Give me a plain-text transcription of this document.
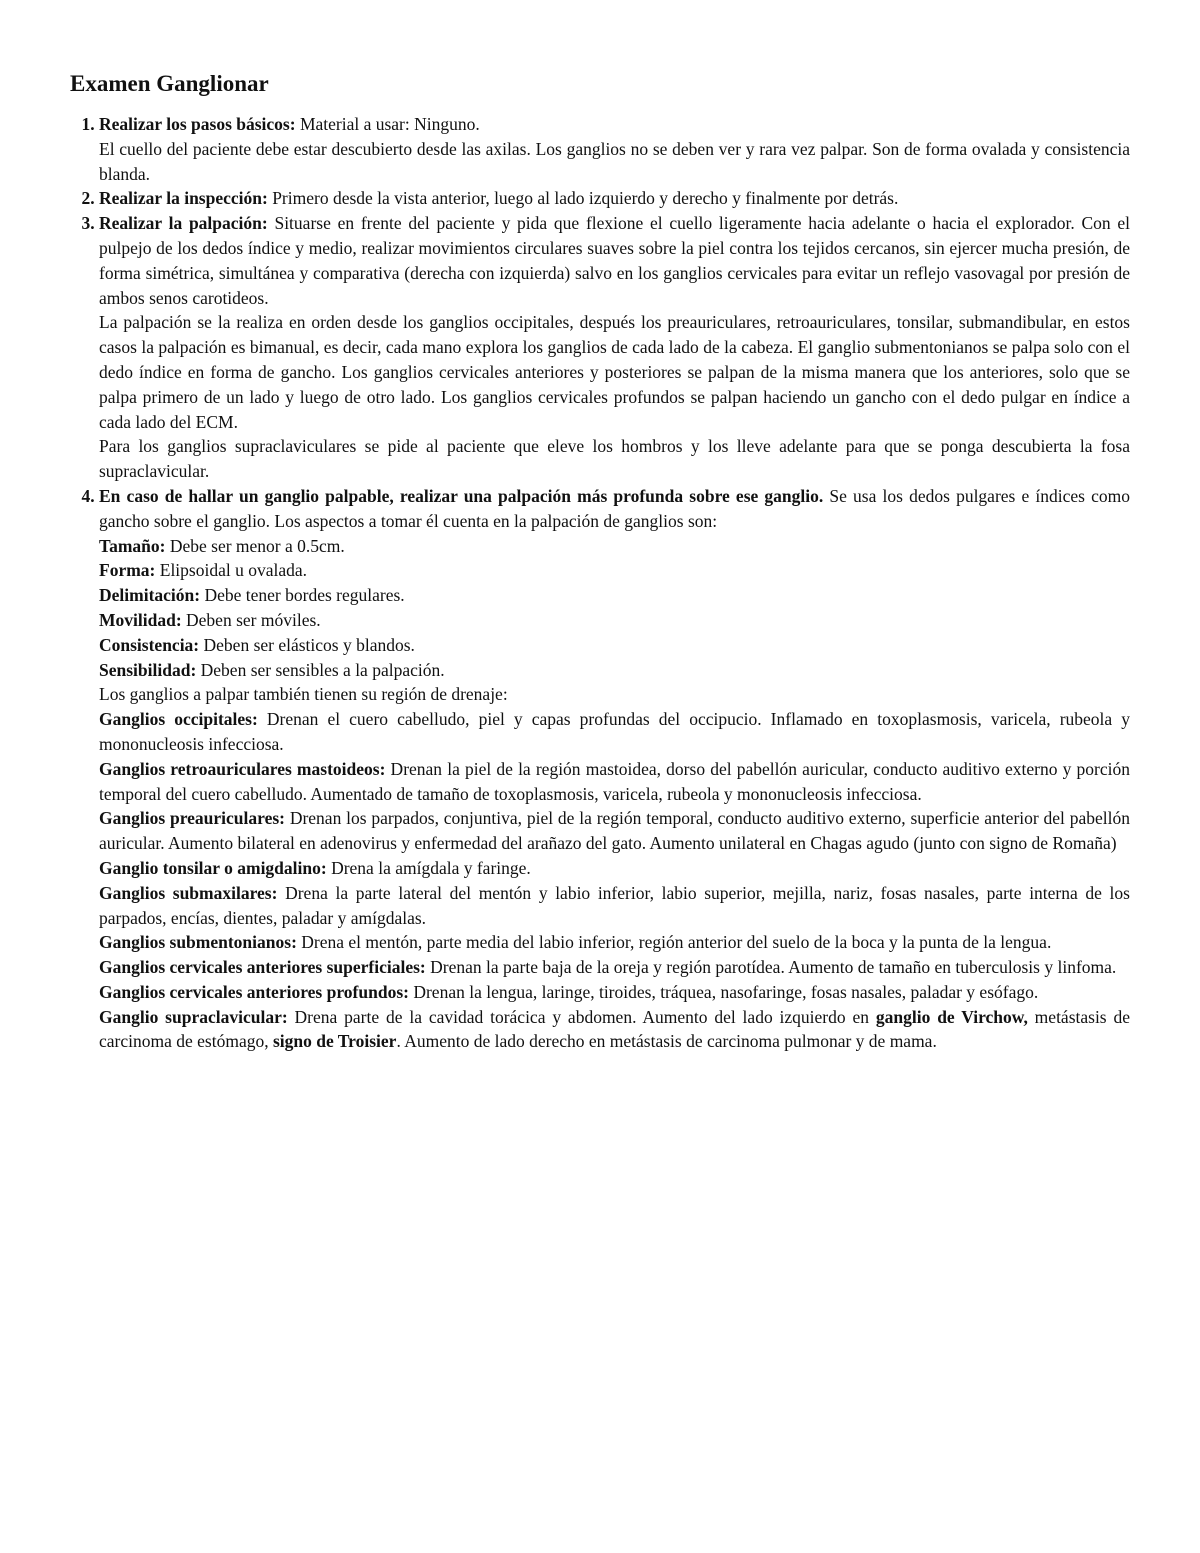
Examen Ganglionar

1. Realizar los pasos básicos: Material a usar: Ninguno.

El cuello del paciente debe estar descubierto desde las axilas. Los ganglios no se deben ver y rara vez palpar. Son de forma ovalada y consistencia blanda.

2. Realizar la inspección: Primero desde la vista anterior, luego al lado izquierdo y derecho y finalmente por detrás.

3. Realizar la palpación: Situarse en frente del paciente y pida que flexione el cuello ligeramente hacia adelante o hacia el explorador. Con el pulpejo de los dedos índice y medio, realizar movimientos circulares suaves sobre la piel contra los tejidos cercanos, sin ejercer mucha presión, de forma simétrica, simultánea y comparativa (derecha con izquierda) salvo en los ganglios cervicales para evitar un reflejo vasovagal por presión de ambos senos carotideos.

La palpación se la realiza en orden desde los ganglios occipitales, después los preauriculares, retroauriculares, tonsilar, submandibular, en estos casos la palpación es bimanual, es decir, cada mano explora los ganglios de cada lado de la cabeza. El ganglio submentonianos se palpa solo con el dedo índice en forma de gancho. Los ganglios cervicales anteriores y posteriores se palpan de la misma manera que los anteriores, solo que se palpa primero de un lado y luego de otro lado. Los ganglios cervicales profundos se palpan haciendo un gancho con el dedo pulgar en índice a cada lado del ECM.

Para los ganglios supraclaviculares se pide al paciente que eleve los hombros y los lleve adelante para que se ponga descubierta la fosa supraclavicular.

4. En caso de hallar un ganglio palpable, realizar una palpación más profunda sobre ese ganglio. Se usa los dedos pulgares e índices como gancho sobre el ganglio. Los aspectos a tomar él cuenta en la palpación de ganglios son:

Tamaño: Debe ser menor a 0.5cm.

Forma: Elipsoidal u ovalada.

Delimitación: Debe tener bordes regulares.

Movilidad: Deben ser móviles.

Consistencia: Deben ser elásticos y blandos.

Sensibilidad: Deben ser sensibles a la palpación.

Los ganglios a palpar también tienen su región de drenaje:

Ganglios occipitales: Drenan el cuero cabelludo, piel y capas profundas del occipucio. Inflamado en toxoplasmosis, varicela, rubeola y mononucleosis infecciosa.

Ganglios retroauriculares mastoideos: Drenan la piel de la región mastoidea, dorso del pabellón auricular, conducto auditivo externo y porción temporal del cuero cabelludo. Aumentado de tamaño de toxoplasmosis, varicela, rubeola y mononucleosis infecciosa.

Ganglios preauriculares: Drenan los parpados, conjuntiva, piel de la región temporal, conducto auditivo externo, superficie anterior del pabellón auricular. Aumento bilateral en adenovirus y enfermedad del arañazo del gato. Aumento unilateral en Chagas agudo (junto con signo de Romaña)

Ganglio tonsilar o amigdalino: Drena la amígdala y faringe.

Ganglios submaxilares: Drena la parte lateral del mentón y labio inferior, labio superior, mejilla, nariz, fosas nasales, parte interna de los parpados, encías, dientes, paladar y amígdalas.

Ganglios submentonianos: Drena el mentón, parte media del labio inferior, región anterior del suelo de la boca y la punta de la lengua.

Ganglios cervicales anteriores superficiales: Drenan la parte baja de la oreja y región parotídea. Aumento de tamaño en tuberculosis y linfoma.

Ganglios cervicales anteriores profundos: Drenan la lengua, laringe, tiroides, tráquea, nasofaringe, fosas nasales, paladar y esófago.

Ganglio supraclavicular: Drena parte de la cavidad torácica y abdomen. Aumento del lado izquierdo en ganglio de Virchow, metástasis de carcinoma de estómago, signo de Troisier. Aumento de lado derecho en metástasis de carcinoma pulmonar y de mama.
